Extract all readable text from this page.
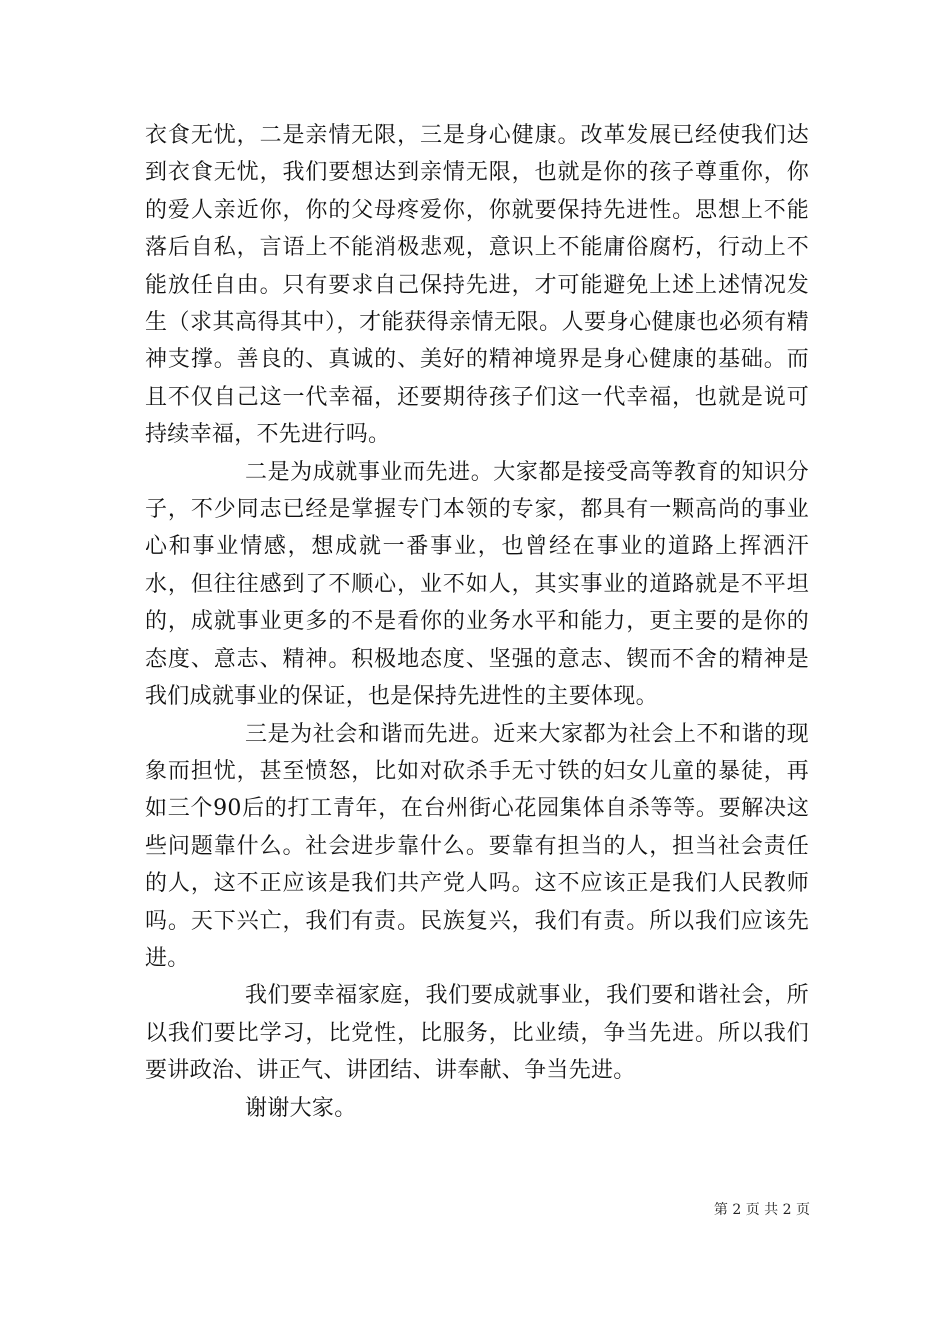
衣食无忧，二是亲情无限，三是身心健康。改革发展已经使我们达到衣食无忧，我们要想达到亲情无限，也就是你的孩子尊重你，你的爱人亲近你，你的父母疼爱你，你就要保持先进性。思想上不能落后自私，言语上不能消极悲观，意识上不能庸俗腐朽，行动上不能放任自由。只有要求自己保持先进，才可能避免上述上述情况发生（求其高得其中），才能获得亲情无限。人要身心健康也必须有精神支撑。善良的、真诚的、美好的精神境界是身心健康的基础。而且不仅自己这一代幸福，还要期待孩子们这一代幸福，也就是说可持续幸福，不先进行吗。

二是为成就事业而先进。大家都是接受高等教育的知识分子，不少同志已经是掌握专门本领的专家，都具有一颗高尚的事业心和事业情感，想成就一番事业，也曾经在事业的道路上挥洒汗水，但往往感到了不顺心，业不如人，其实事业的道路就是不平坦的，成就事业更多的不是看你的业务水平和能力，更主要的是你的态度、意志、精神。积极地态度、坚强的意志、锲而不舍的精神是我们成就事业的保证，也是保持先进性的主要体现。

三是为社会和谐而先进。近来大家都为社会上不和谐的现象而担忧，甚至愤怒，比如对砍杀手无寸铁的妇女儿童的暴徒，再如三个90后的打工青年，在台州街心花园集体自杀等等。要解决这些问题靠什么。社会进步靠什么。要靠有担当的人，担当社会责任的人，这不正应该是我们共产党人吗。这不应该正是我们人民教师吗。天下兴亡，我们有责。民族复兴，我们有责。所以我们应该先进。

我们要幸福家庭，我们要成就事业，我们要和谐社会，所以我们要比学习，比党性，比服务，比业绩，争当先进。所以我们要讲政治、讲正气、讲团结、讲奉献、争当先进。

谢谢大家。

第 2 页 共 2 页
